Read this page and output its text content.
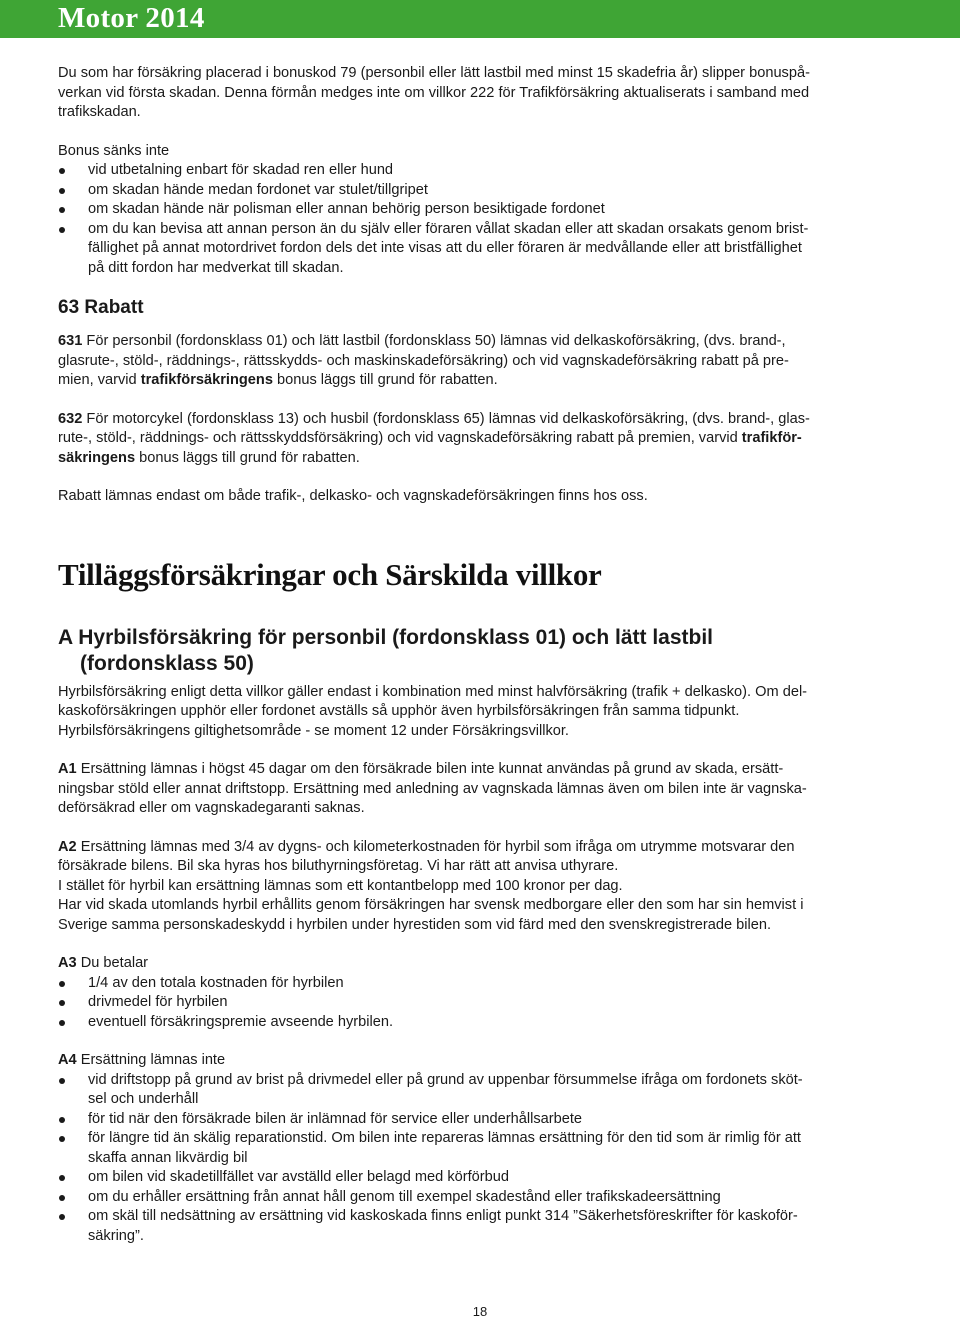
Motor 2014

Du som har försäkring placerad i bonuskod 79 (personbil eller lätt lastbil med minst 15 skadefria år) slipper bonuspå-
verkan vid första skadan. Denna förmån medges inte om villkor 222 för Trafikförsäkring aktualiserats i samband med
trafikskadan.

Bonus sänks inte

vid utbetalning enbart för skadad ren eller hund
om skadan hände medan fordonet var stulet/tillgripet
om skadan hände när polisman eller annan behörig person besiktigade fordonet
om du kan bevisa att annan person än du själv eller föraren vållat skadan eller att skadan orsakats genom brist-
fällighet på annat motordrivet fordon dels det inte visas att du eller föraren är medvållande eller att bristfällighet
på ditt fordon har medverkat till skadan.
63 Rabatt

631 För personbil (fordonsklass 01) och lätt lastbil (fordonsklass 50) lämnas vid delkaskoförsäkring, (dvs. brand-,
glasrute-, stöld-, räddnings-, rättsskydds- och maskinskadeförsäkring) och vid vagnskadeförsäkring rabatt på pre-
mien, varvid trafikförsäkringens bonus läggs till grund för rabatten.

632 För motorcykel (fordonsklass 13) och husbil (fordonsklass 65) lämnas vid delkaskoförsäkring, (dvs. brand-, glas-
rute-, stöld-, räddnings- och rättsskyddsförsäkring) och vid vagnskadeförsäkring rabatt på premien, varvid trafikför-
säkringens bonus läggs till grund för rabatten.

Rabatt lämnas endast om både trafik-, delkasko- och vagnskadeförsäkringen finns hos oss.

Tilläggsförsäkringar och Särskilda villkor
A Hyrbilsförsäkring för personbil (fordonsklass 01) och lätt lastbil
(fordonsklass 50)

Hyrbilsförsäkring enligt detta villkor gäller endast i kombination med minst halvförsäkring (trafik + delkasko). Om del-
kaskoförsäkringen upphör eller fordonet avställs så upphör även hyrbilsförsäkringen från samma tidpunkt.
Hyrbilsförsäkringens giltighetsområde - se moment 12 under Försäkringsvillkor.

A1 Ersättning lämnas i högst 45 dagar om den försäkrade bilen inte kunnat användas på grund av skada, ersätt-
ningsbar stöld eller annat driftstopp. Ersättning med anledning av vagnskada lämnas även om bilen inte är vagnska-
deförsäkrad eller om vagnskadegaranti saknas.

A2 Ersättning lämnas med 3/4 av dygns- och kilometerkostnaden för hyrbil som ifråga om utrymme motsvarar den
försäkrade bilens. Bil ska hyras hos biluthyrningsföretag. Vi har rätt att anvisa uthyrare.
I stället för hyrbil kan ersättning lämnas som ett kontantbelopp med 100 kronor per dag.
Har vid skada utomlands hyrbil erhållits genom försäkringen har svensk medborgare eller den som har sin hemvist i
Sverige samma personskadeskydd i hyrbilen under hyrestiden som vid färd med den svenskregistrerade bilen.

A3 Du betalar

1/4 av den totala kostnaden för hyrbilen
drivmedel för hyrbilen
eventuell försäkringspremie avseende hyrbilen.

A4 Ersättning lämnas inte

vid driftstopp på grund av brist på drivmedel eller på grund av uppenbar försummelse ifråga om fordonets sköt-
sel och underhåll
för tid när den försäkrade bilen är inlämnad för service eller underhållsarbete
för längre tid än skälig reparationstid. Om bilen inte repareras lämnas ersättning för den tid som är rimlig för att
skaffa annan likvärdig bil
om bilen vid skadetillfället var avställd eller belagd med körförbud
om du erhåller ersättning från annat håll genom till exempel skadestånd eller trafikskadeersättning
om skäl till nedsättning av ersättning vid kaskoskada finns enligt punkt 314 ”Säkerhetsföreskrifter för kaskoför-
säkring”.
18
